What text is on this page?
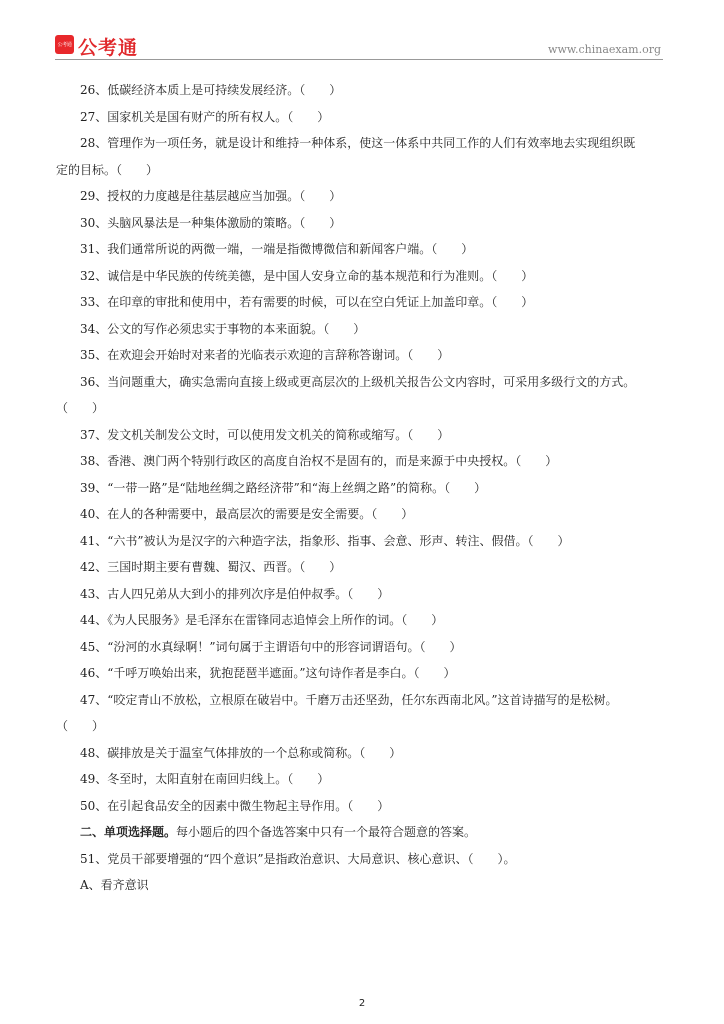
公考通 公考通	www.chinaexam.org
26、低碳经济本质上是可持续发展经济。（　　）
27、国家机关是国有财产的所有权人。（　　）
28、管理作为一项任务，就是设计和维持一种体系，使这一体系中共同工作的人们有效率地去实现组织既
定的目标。（　　）
29、授权的力度越是往基层越应当加强。（　　）
30、头脑风暴法是一种集体激励的策略。（　　）
31、我们通常所说的两微一端，一端是指微博微信和新闻客户端。（　　）
32、诚信是中华民族的传统美德，是中国人安身立命的基本规范和行为准则。（　　）
33、在印章的审批和使用中，若有需要的时候，可以在空白凭证上加盖印章。（　　）
34、公文的写作必须忠实于事物的本来面貌。（　　）
35、在欢迎会开始时对来者的光临表示欢迎的言辞称答谢词。（　　）
36、当问题重大，确实急需向直接上级或更高层次的上级机关报告公文内容时，可采用多级行文的方式。
（　　）
37、发文机关制发公文时，可以使用发文机关的简称或缩写。（　　）
38、香港、澳门两个特别行政区的高度自治权不是固有的，而是来源于中央授权。（　　）
39、“一带一路”是“陆地丝绸之路经济带”和“海上丝绸之路”的简称。（　　）
40、在人的各种需要中，最高层次的需要是安全需要。（　　）
41、“六书”被认为是汉字的六种造字法，指象形、指事、会意、形声、转注、假借。（　　）
42、三国时期主要有曹魏、蜀汉、西晋。（　　）
43、古人四兄弟从大到小的排列次序是伯仲叔季。（　　）
44、《为人民服务》是毛泽东在雷锋同志追悼会上所作的词。（　　）
45、“汾河的水真绿啊！”词句属于主谓语句中的形容词谓语句。（　　）
46、“千呼万唤始出来，犹抱琵琶半遮面。”这句诗作者是李白。（　　）
47、“咬定青山不放松，立根原在破岩中。千磨万击还坚劲，任尔东西南北风。”这首诗描写的是松树。
（　　）
48、碳排放是关于温室气体排放的一个总称或简称。（　　）
49、冬至时，太阳直射在南回归线上。（　　）
50、在引起食品安全的因素中微生物起主导作用。（　　）
二、单项选择题。每小题后的四个备选答案中只有一个最符合题意的答案。
51、党员干部要增强的“四个意识”是指政治意识、大局意识、核心意识、（　　）。
A、看齐意识
2
